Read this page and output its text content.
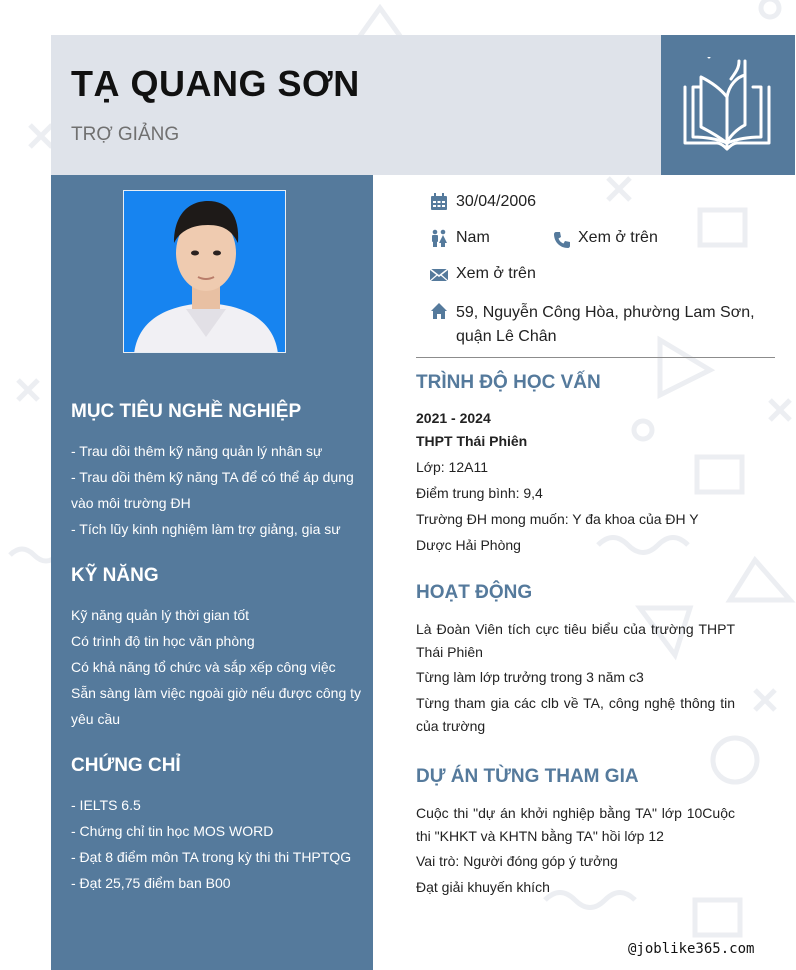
TẠ QUANG SƠN
TRỢ GIẢNG
MỤC TIÊU NGHỀ NGHIỆP
- Trau dồi thêm kỹ năng quản lý nhân sự
- Trau dồi thêm kỹ năng TA để có thể áp dụng vào môi trường ĐH
- Tích lũy kinh nghiệm làm trợ giảng, gia sư
KỸ NĂNG
Kỹ năng quản lý thời gian tốt
Có trình độ tin học văn phòng
Có khả năng tổ chức và sắp xếp công việc
Sẵn sàng làm việc ngoài giờ nếu được công ty yêu cầu
CHỨNG CHỈ
- IELTS 6.5
- Chứng chỉ tin học MOS WORD
- Đạt 8 điểm môn TA trong kỳ thi thi THPTQG
- Đạt 25,75 điểm ban B00
30/04/2006
Nam	Xem ở trên
Xem ở trên
59, Nguyễn Công Hòa, phường Lam Sơn, quận Lê Chân
TRÌNH ĐỘ HỌC VẤN
2021 - 2024
THPT Thái Phiên
Lớp: 12A11
Điểm trung bình: 9,4
Trường ĐH mong muốn: Y đa khoa của ĐH Y Dược Hải Phòng
HOẠT ĐỘNG
Là Đoàn Viên tích cực tiêu biểu của trường THPT Thái Phiên
Từng làm lớp trưởng trong 3 năm c3
Từng tham gia các clb về TA, công nghệ thông tin của trường
DỰ ÁN TỪNG THAM GIA
Cuộc thi "dự án khởi nghiệp bằng TA" lớp 10Cuộc thi "KHKT và KHTN bằng TA" hồi lớp 12
Vai trò: Người đóng góp ý tưởng
Đạt giải khuyến khích
@joblike365.com
